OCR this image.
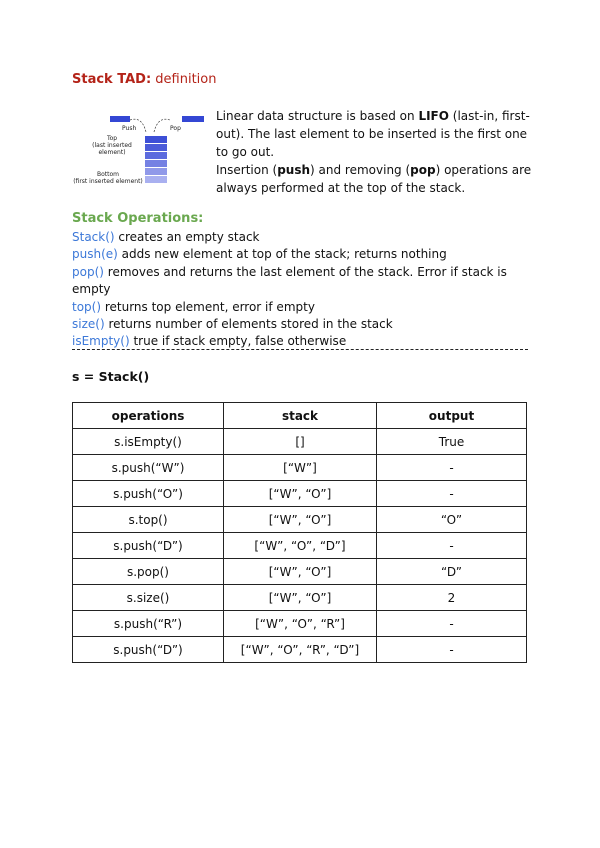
Stack TAD: definition
Push	Pop
Top
(last inserted element)
Bottom
(first inserted element)
Linear data structure is based on LIFO (last-in, first-out). The last element to be inserted is the first one to go out.
Insertion (push) and removing (pop) operations are always performed at the top of the stack.
Stack Operations:
Stack() creates an empty stack
push(e) adds new element at top of the stack; returns nothing
pop() removes and returns the last element of the stack. Error if stack is empty
top() returns top element, error if empty
size() returns number of elements stored in the stack
isEmpty() true if stack empty, false otherwise
s = Stack()
operations	stack	output
s.isEmpty()	[]	True
s.push(“W”)	[“W”]	-
s.push(“O”)	[“W”, “O”]	-
s.top()	[“W”, “O”]	“O”
s.push(“D”)	[“W”, “O”, “D”]	-
s.pop()	[“W”, “O”]	“D”
s.size()	[“W”, “O”]	2
s.push(“R”)	[“W”, “O”, “R”]	-
s.push(“D”)	[“W”, “O”, “R”, “D”]	-
